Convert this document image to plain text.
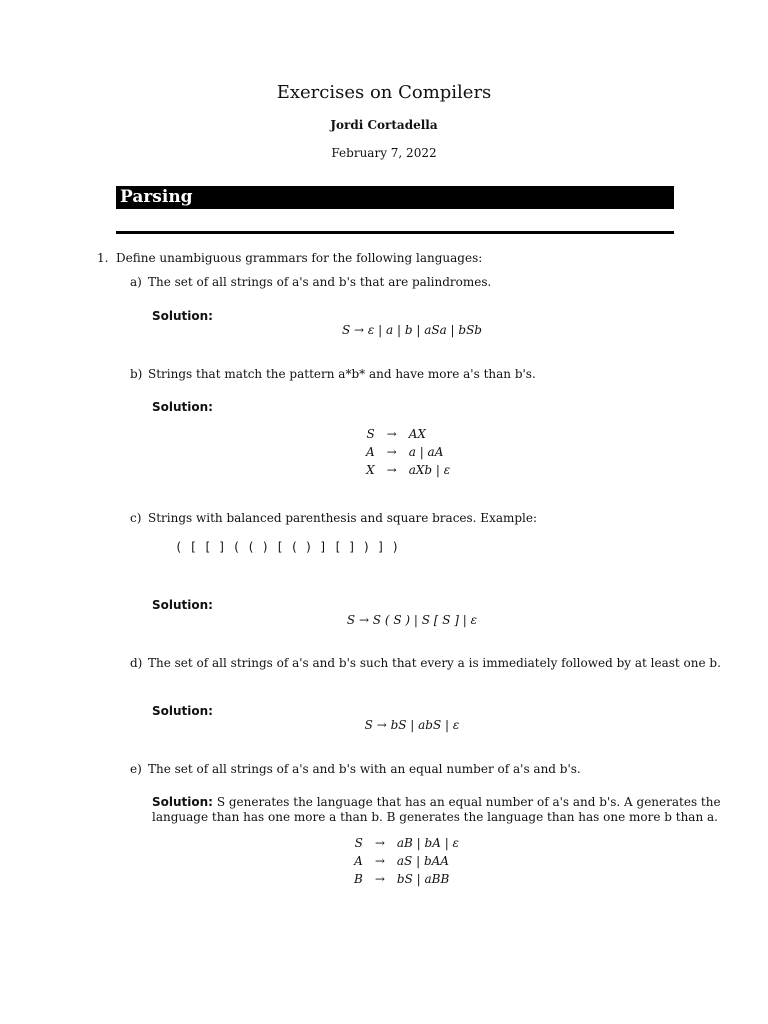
Exercises on Compilers
Jordi Cortadella
February 7, 2022
Parsing
1. Define unambiguous grammars for the following languages:
a) The set of all strings of a's and b's that are palindromes.
Solution:
S → ε | a | b | aSa | bSb
b) Strings that match the pattern a*b* and have more a's than b's.
Solution:
S	→	AX
A	→	a | aA
X	→	aXb | ε
c) Strings with balanced parenthesis and square braces. Example:
( [ [ ] ( ( ) [ ( ) ] [ ] ) ] )
Solution:
S → S ( S ) | S [ S ] | ε
d) The set of all strings of a's and b's such that every a is immediately followed by at least one b.
Solution:
S → bS | abS | ε
e) The set of all strings of a's and b's with an equal number of a's and b's.
Solution: S generates the language that has an equal number of a's and b's. A generates the
language than has one more a than b. B generates the language than has one more b than a.
S	→	aB | bA | ε
A	→	aS | bAA
B	→	bS | aBB
